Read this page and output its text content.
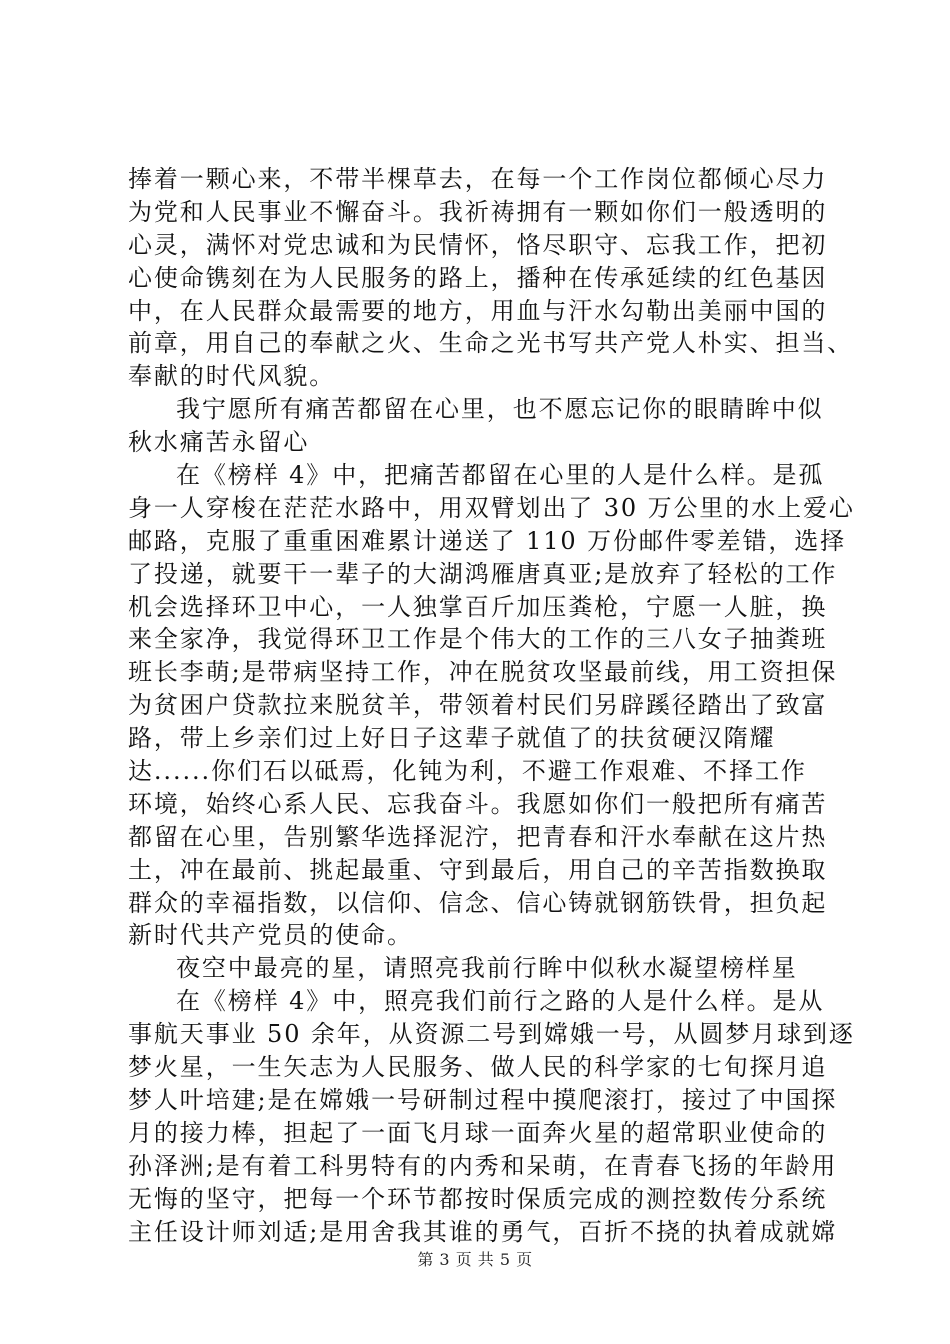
捧着一颗心来，不带半棵草去，在每一个工作岗位都倾心尽力
为党和人民事业不懈奋斗。我祈祷拥有一颗如你们一般透明的
心灵，满怀对党忠诚和为民情怀，恪尽职守、忘我工作，把初
心使命镌刻在为人民服务的路上，播种在传承延续的红色基因
中，在人民群众最需要的地方，用血与汗水勾勒出美丽中国的
前章，用自己的奉献之火、生命之光书写共产党人朴实、担当、
奉献的时代风貌。
我宁愿所有痛苦都留在心里，也不愿忘记你的眼睛眸中似
秋水痛苦永留心
在《榜样 4》中，把痛苦都留在心里的人是什么样。是孤
身一人穿梭在茫茫水路中，用双臂划出了 30 万公里的水上爱心
邮路，克服了重重困难累计递送了 110 万份邮件零差错，选择
了投递，就要干一辈子的大湖鸿雁唐真亚;是放弃了轻松的工作
机会选择环卫中心，一人独掌百斤加压粪枪，宁愿一人脏，换
来全家净，我觉得环卫工作是个伟大的工作的三八女子抽粪班
班长李萌;是带病坚持工作，冲在脱贫攻坚最前线，用工资担保
为贫困户贷款拉来脱贫羊，带领着村民们另辟蹊径踏出了致富
路，带上乡亲们过上好日子这辈子就值了的扶贫硬汉隋耀
达......你们石以砥焉，化钝为利，不避工作艰难、不择工作
环境，始终心系人民、忘我奋斗。我愿如你们一般把所有痛苦
都留在心里，告别繁华选择泥泞，把青春和汗水奉献在这片热
土，冲在最前、挑起最重、守到最后，用自己的辛苦指数换取
群众的幸福指数，以信仰、信念、信心铸就钢筋铁骨，担负起
新时代共产党员的使命。
夜空中最亮的星，请照亮我前行眸中似秋水凝望榜样星
在《榜样 4》中，照亮我们前行之路的人是什么样。是从
事航天事业 50 余年，从资源二号到嫦娥一号，从圆梦月球到逐
梦火星，一生矢志为人民服务、做人民的科学家的七旬探月追
梦人叶培建;是在嫦娥一号研制过程中摸爬滚打，接过了中国探
月的接力棒，担起了一面飞月球一面奔火星的超常职业使命的
孙泽洲;是有着工科男特有的内秀和呆萌，在青春飞扬的年龄用
无悔的坚守，把每一个环节都按时保质完成的测控数传分系统
主任设计师刘适;是用舍我其谁的勇气，百折不挠的执着成就嫦
第 3 页 共 5 页
